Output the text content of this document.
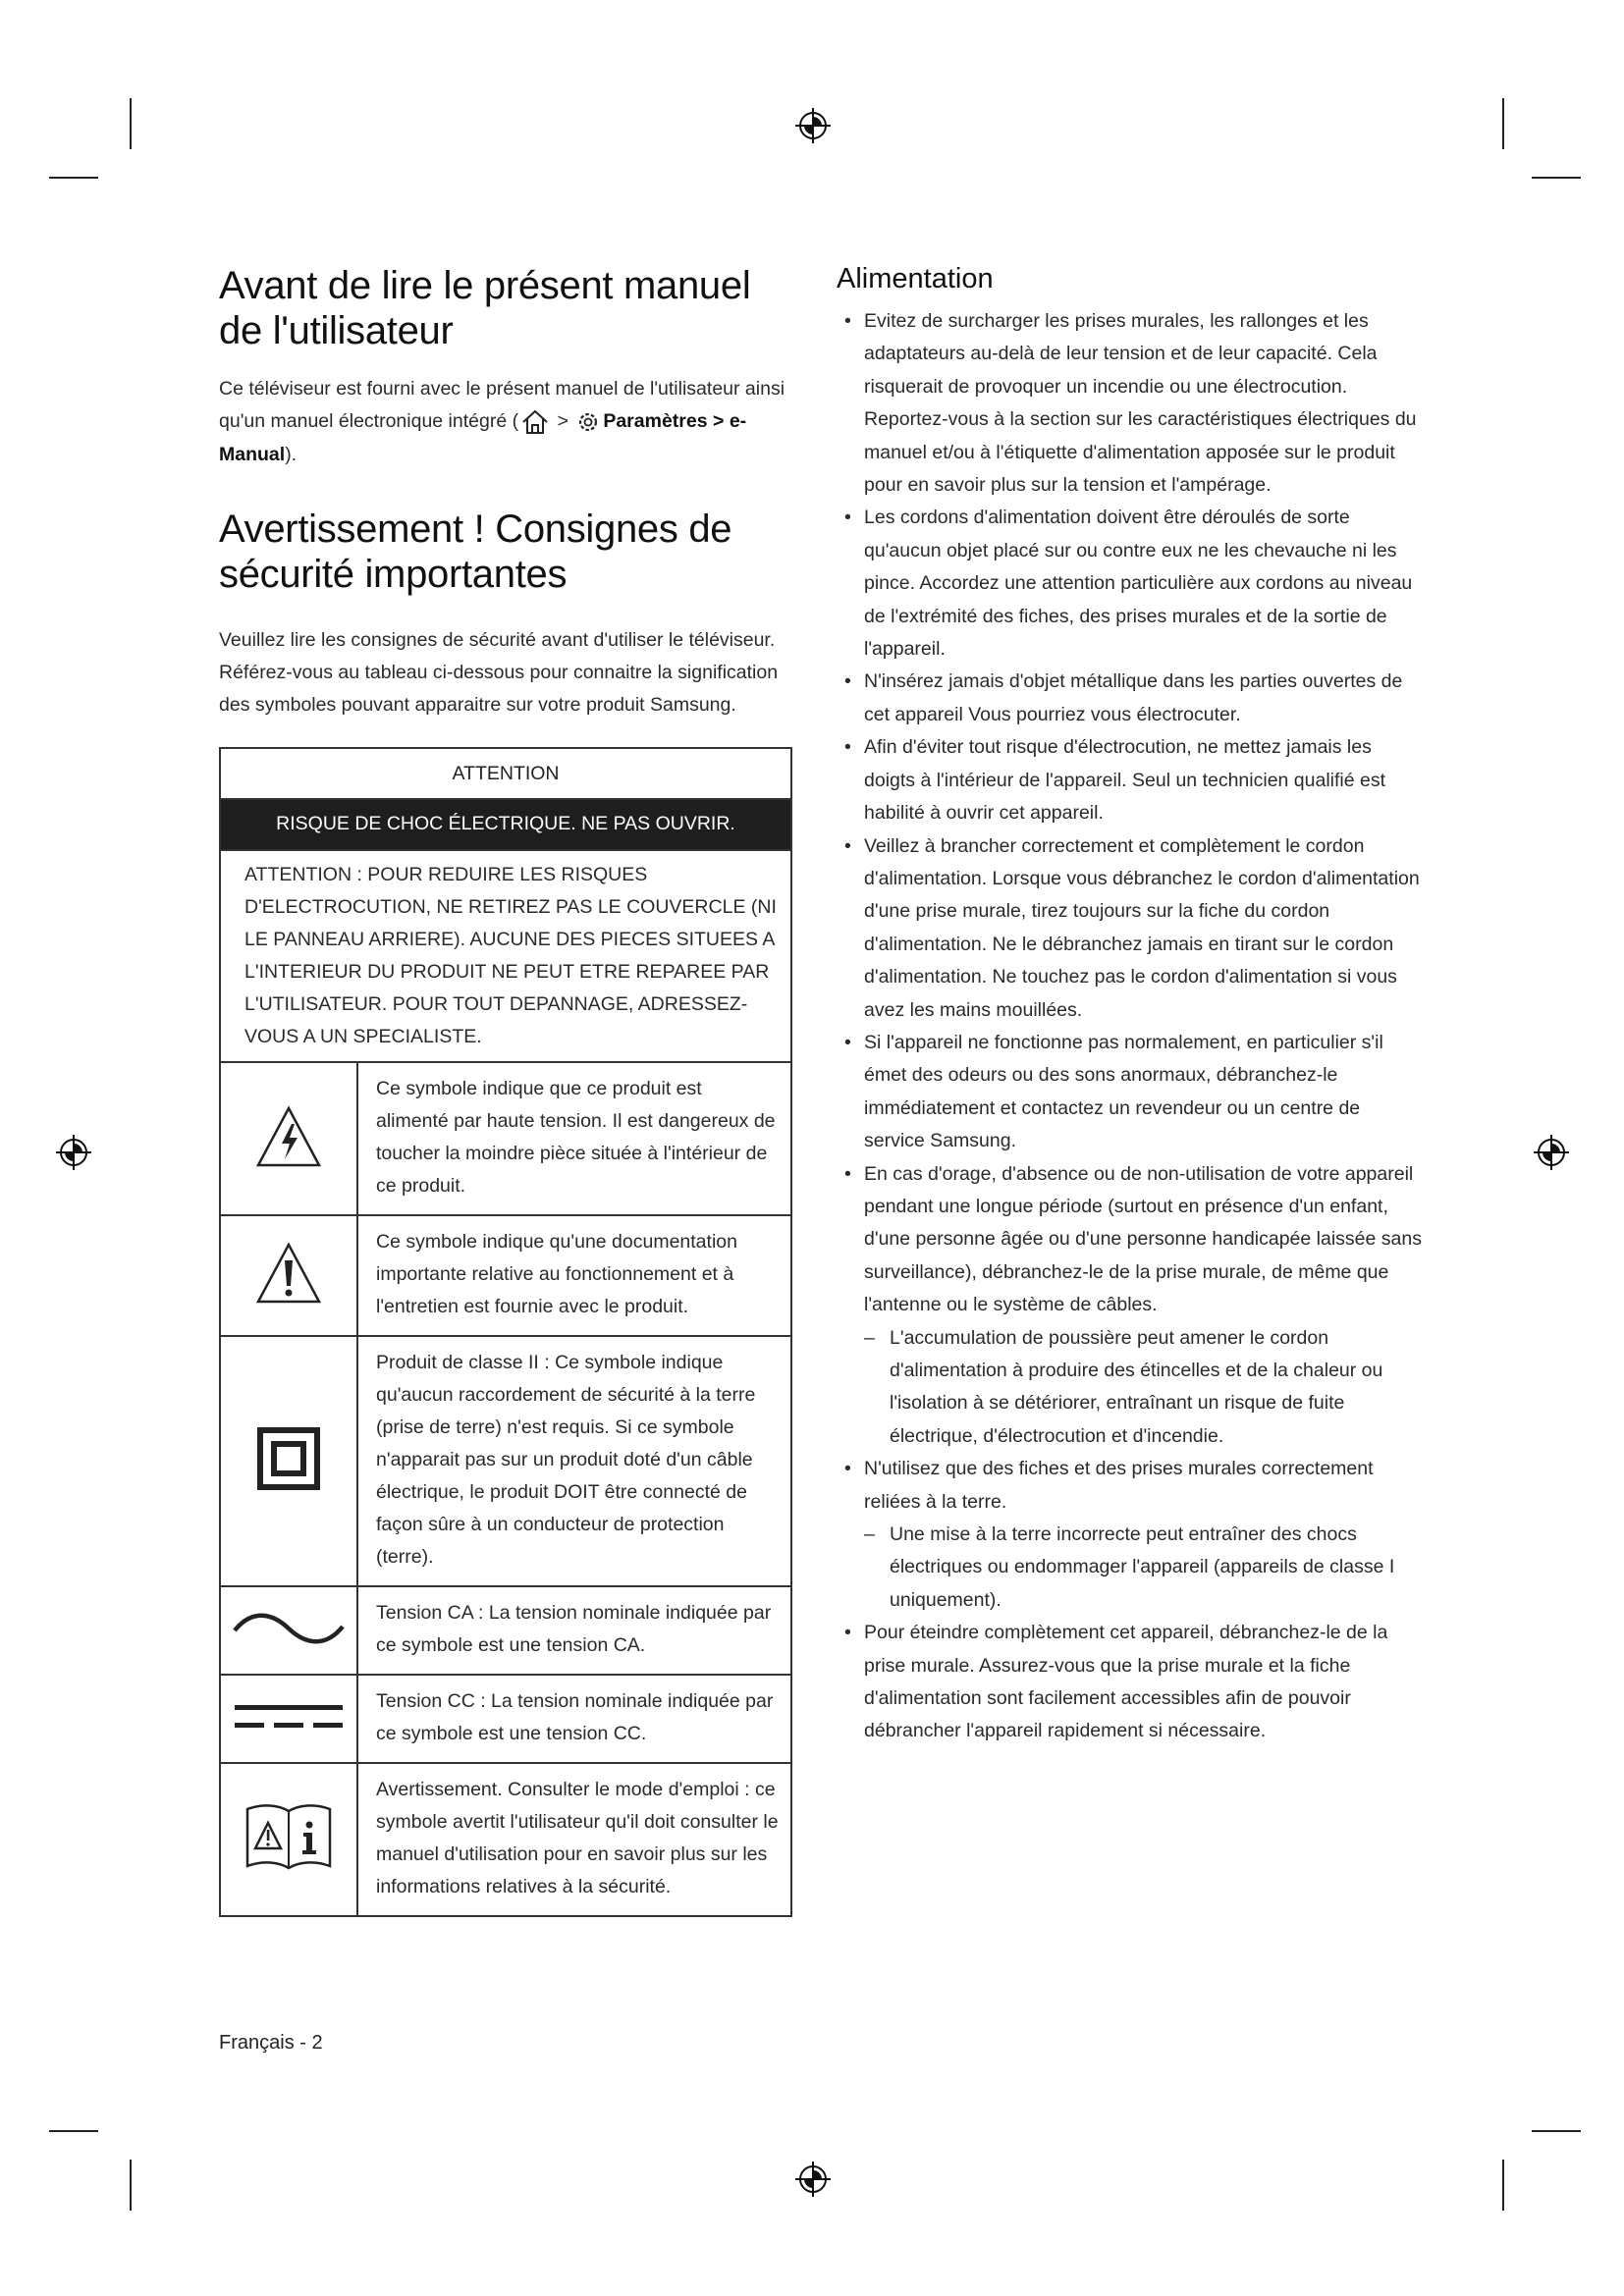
Avant de lire le présent manuel de l'utilisateur

Ce téléviseur est fourni avec le présent manuel de l'utilisateur ainsi qu'un manuel électronique intégré ( > Paramètres > e-Manual).

Avertissement ! Consignes de sécurité importantes

Veuillez lire les consignes de sécurité avant d'utiliser le téléviseur. Référez-vous au tableau ci-dessous pour connaitre la signification des symboles pouvant apparaitre sur votre produit Samsung.

ATTENTION	
RISQUE DE CHOC ÉLECTRIQUE. NE PAS OUVRIR.	
ATTENTION : POUR REDUIRE LES RISQUES D'ELECTROCUTION, NE RETIREZ PAS LE COUVERCLE (NI LE PANNEAU ARRIERE). AUCUNE DES PIECES SITUEES A L'INTERIEUR DU PRODUIT NE PEUT ETRE REPAREE PAR L'UTILISATEUR. POUR TOUT DEPANNAGE, ADRESSEZ-VOUS A UN SPECIALISTE.	
	Ce symbole indique que ce produit est alimenté par haute tension. Il est dangereux de toucher la moindre pièce située à l'intérieur de ce produit.
	Ce symbole indique qu'une documentation importante relative au fonctionnement et à l'entretien est fournie avec le produit.
	Produit de classe II : Ce symbole indique qu'aucun raccordement de sécurité à la terre (prise de terre) n'est requis. Si ce symbole n'apparait pas sur un produit doté d'un câble électrique, le produit DOIT être connecté de façon sûre à un conducteur de protection (terre).
	Tension CA : La tension nominale indiquée par ce symbole est une tension CA.
	Tension CC : La tension nominale indiquée par ce symbole est une tension CC.
	Avertissement. Consulter le mode d'emploi : ce symbole avertit l'utilisateur qu'il doit consulter le manuel d'utilisation pour en savoir plus sur les informations relatives à la sécurité.
Alimentation
• Evitez de surcharger les prises murales, les rallonges et les adaptateurs au-delà de leur tension et de leur capacité. Cela risquerait de provoquer un incendie ou une électrocution. Reportez-vous à la section sur les caractéristiques électriques du manuel et/ou à l'étiquette d'alimentation apposée sur le produit pour en savoir plus sur la tension et l'ampérage.
• Les cordons d'alimentation doivent être déroulés de sorte qu'aucun objet placé sur ou contre eux ne les chevauche ni les pince. Accordez une attention particulière aux cordons au niveau de l'extrémité des fiches, des prises murales et de la sortie de l'appareil.
• N'insérez jamais d'objet métallique dans les parties ouvertes de cet appareil Vous pourriez vous électrocuter.
• Afin d'éviter tout risque d'électrocution, ne mettez jamais les doigts à l'intérieur de l'appareil. Seul un technicien qualifié est habilité à ouvrir cet appareil.
• Veillez à brancher correctement et complètement le cordon d'alimentation. Lorsque vous débranchez le cordon d'alimentation d'une prise murale, tirez toujours sur la fiche du cordon d'alimentation. Ne le débranchez jamais en tirant sur le cordon d'alimentation. Ne touchez pas le cordon d'alimentation si vous avez les mains mouillées.
• Si l'appareil ne fonctionne pas normalement, en particulier s'il émet des odeurs ou des sons anormaux, débranchez-le immédiatement et contactez un revendeur ou un centre de service Samsung.
• En cas d'orage, d'absence ou de non-utilisation de votre appareil pendant une longue période (surtout en présence d'un enfant, d'une personne âgée ou d'une personne handicapée laissée sans surveillance), débranchez-le de la prise murale, de même que l'antenne ou le système de câbles.
– L'accumulation de poussière peut amener le cordon d'alimentation à produire des étincelles et de la chaleur ou l'isolation à se détériorer, entraînant un risque de fuite électrique, d'électrocution et d'incendie.
• N'utilisez que des fiches et des prises murales correctement reliées à la terre.
– Une mise à la terre incorrecte peut entraîner des chocs électriques ou endommager l'appareil (appareils de classe I uniquement).
• Pour éteindre complètement cet appareil, débranchez-le de la prise murale. Assurez-vous que la prise murale et la fiche d'alimentation sont facilement accessibles afin de pouvoir débrancher l'appareil rapidement si nécessaire.
Français - 2
